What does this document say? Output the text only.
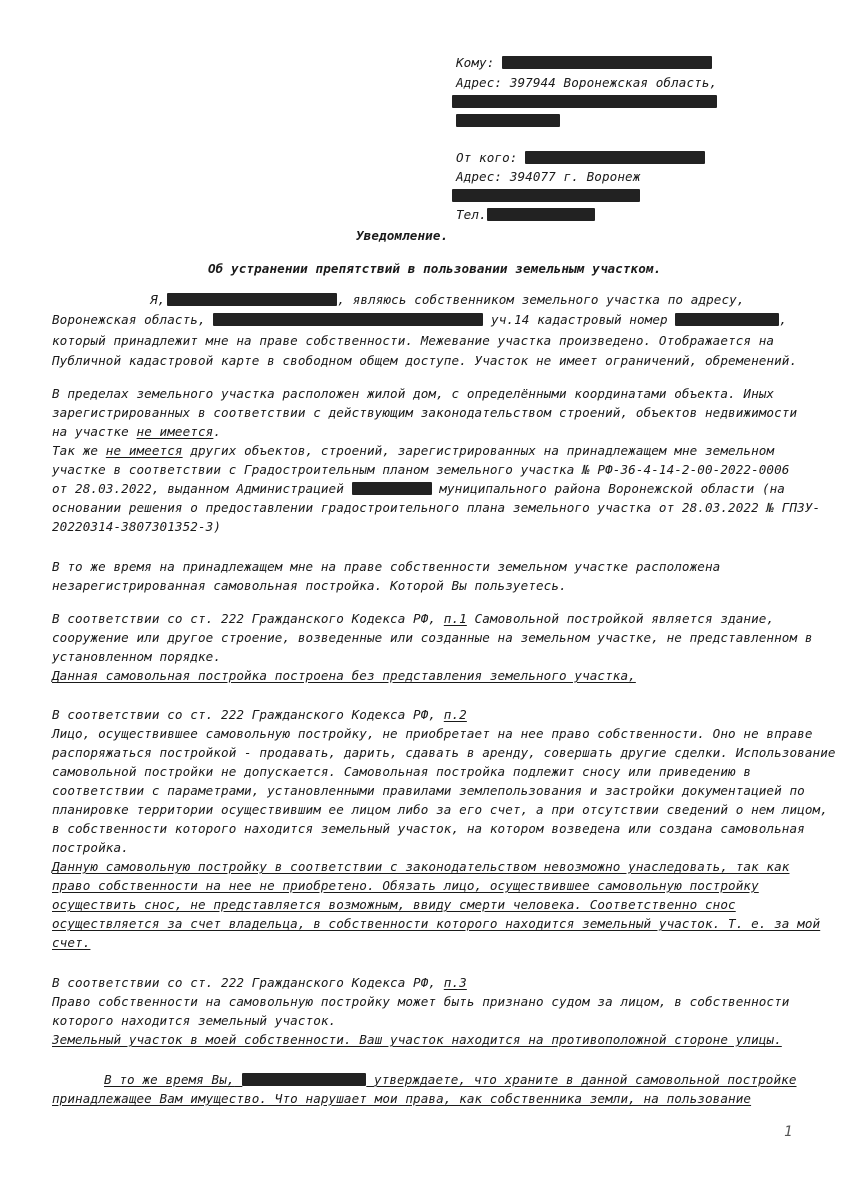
Кому:
Адрес: 397944 Воронежская область,
От кого:
Адрес: 394077 г. Воронеж
Тел.
Уведомление.
Об устранении препятствий в пользовании земельным участком.
Я,	, являюсь собственником земельного участка по адресу,
Воронежская область,	уч.14 кадастровый номер	,
который принадлежит мне на праве собственности. Межевание участка произведено. Отображается на
Публичной кадастровой карте в свободном общем доступе. Участок не имеет ограничений, обременений.
В пределах земельного участка расположен жилой дом, с определёнными координатами объекта. Иных
зарегистрированных в соответствии с действующим законодательством строений, объектов недвижимости
на участке не имеется.
Так же не имеется других объектов, строений, зарегистрированных на принадлежащем мне земельном
участке в соответствии с Градостроительным планом земельного участка № РФ-36-4-14-2-00-2022-0006
от 28.03.2022, выданном Администрацией	муниципального района Воронежской области (на
основании решения о предоставлении градостроительного плана земельного участка от 28.03.2022 № ГПЗУ-
20220314-3807301352-3)
В то же время на принадлежащем мне на праве собственности земельном участке расположена
незарегистрированная самовольная постройка. Которой Вы пользуетесь.
В соответствии со ст. 222 Гражданского Кодекса РФ, п.1 Самовольной постройкой является здание,
сооружение или другое строение, возведенные или созданные на земельном участке, не представленном в
установленном порядке.
Данная самовольная постройка построена без представления земельного участка,
В соответствии со ст. 222 Гражданского Кодекса РФ, п.2
Лицо, осуществившее самовольную постройку, не приобретает на нее право собственности. Оно не вправе
распоряжаться постройкой - продавать, дарить, сдавать в аренду, совершать другие сделки. Использование
самовольной постройки не допускается. Самовольная постройка подлежит сносу или приведению в
соответствии с параметрами, установленными правилами землепользования и застройки документацией по
планировке территории осуществившим ее лицом либо за его счет, а при отсутствии сведений о нем лицом,
в собственности которого находится земельный участок, на котором возведена или создана самовольная
постройка.
Данную самовольную постройку в соответствии с законодательством невозможно унаследовать, так как
право собственности на нее не приобретено. Обязать лицо, осуществившее самовольную постройку
осуществить снос, не представляется возможным, ввиду смерти человека. Соответственно снос
осуществляется за счет владельца, в собственности которого находится земельный участок. Т. е. за мой
счет.
В соответствии со ст. 222 Гражданского Кодекса РФ, п.3
Право собственности на самовольную постройку может быть признано судом за лицом, в собственности
которого находится земельный участок.
Земельный участок в моей собственности. Ваш участок находится на противоположной стороне улицы.
В то же время Вы,	утверждаете, что храните в данной самовольной постройке
принадлежащее Вам имущество. Что нарушает мои права, как собственника земли, на пользование
1
